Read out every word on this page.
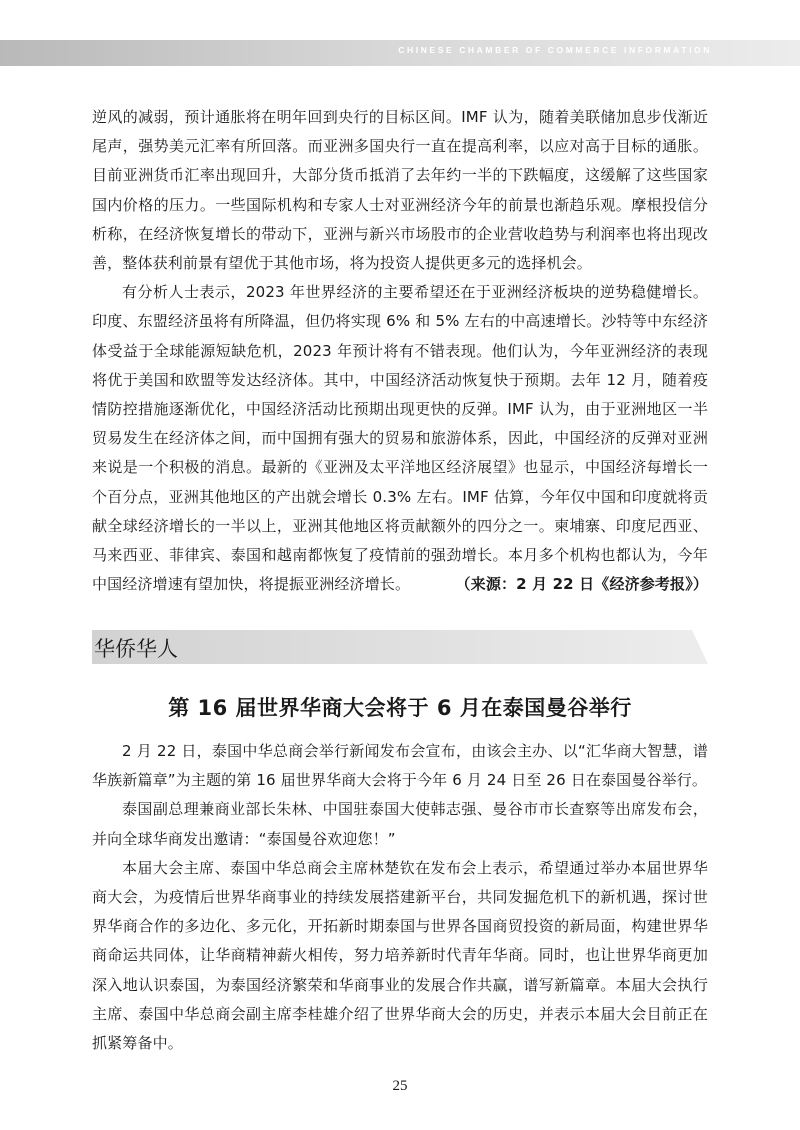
CHINESE CHAMBER OF COMMERCE INFORMATION

逆风的减弱，预计通胀将在明年回到央行的目标区间。IMF 认为，随着美联储加息步伐渐近尾声，强势美元汇率有所回落。而亚洲多国央行一直在提高利率，以应对高于目标的通胀。目前亚洲货币汇率出现回升，大部分货币抵消了去年约一半的下跌幅度，这缓解了这些国家国内价格的压力。一些国际机构和专家人士对亚洲经济今年的前景也渐趋乐观。摩根投信分析称，在经济恢复增长的带动下，亚洲与新兴市场股市的企业营收趋势与利润率也将出现改善，整体获利前景有望优于其他市场，将为投资人提供更多元的选择机会。

有分析人士表示，2023 年世界经济的主要希望还在于亚洲经济板块的逆势稳健增长。印度、东盟经济虽将有所降温，但仍将实现 6% 和 5% 左右的中高速增长。沙特等中东经济体受益于全球能源短缺危机，2023 年预计将有不错表现。他们认为，今年亚洲经济的表现将优于美国和欧盟等发达经济体。其中，中国经济活动恢复快于预期。去年 12 月，随着疫情防控措施逐渐优化，中国经济活动比预期出现更快的反弹。IMF 认为，由于亚洲地区一半贸易发生在经济体之间，而中国拥有强大的贸易和旅游体系，因此，中国经济的反弹对亚洲来说是一个积极的消息。最新的《亚洲及太平洋地区经济展望》也显示，中国经济每增长一个百分点，亚洲其他地区的产出就会增长 0.3% 左右。IMF 估算，今年仅中国和印度就将贡献全球经济增长的一半以上，亚洲其他地区将贡献额外的四分之一。柬埔寨、印度尼西亚、马来西亚、菲律宾、泰国和越南都恢复了疫情前的强劲增长。本月多个机构也都认为，今年中国经济增速有望加快，将提振亚洲经济增长。	（来源：2 月 22 日《经济参考报》）

华侨华人
第 16 届世界华商大会将于 6 月在泰国曼谷举行

2 月 22 日，泰国中华总商会举行新闻发布会宣布，由该会主办、以“汇华商大智慧，谱华族新篇章”为主题的第 16 届世界华商大会将于今年 6 月 24 日至 26 日在泰国曼谷举行。

泰国副总理兼商业部长朱林、中国驻泰国大使韩志强、曼谷市市长查察等出席发布会，并向全球华商发出邀请：“泰国曼谷欢迎您！”

本届大会主席、泰国中华总商会主席林楚钦在发布会上表示，希望通过举办本届世界华商大会，为疫情后世界华商事业的持续发展搭建新平台，共同发掘危机下的新机遇，探讨世界华商合作的多边化、多元化，开拓新时期泰国与世界各国商贸投资的新局面，构建世界华商命运共同体，让华商精神薪火相传，努力培养新时代青年华商。同时，也让世界华商更加深入地认识泰国，为泰国经济繁荣和华商事业的发展合作共赢，谱写新篇章。本届大会执行主席、泰国中华总商会副主席李桂雄介绍了世界华商大会的历史，并表示本届大会目前正在抓紧筹备中。

25
